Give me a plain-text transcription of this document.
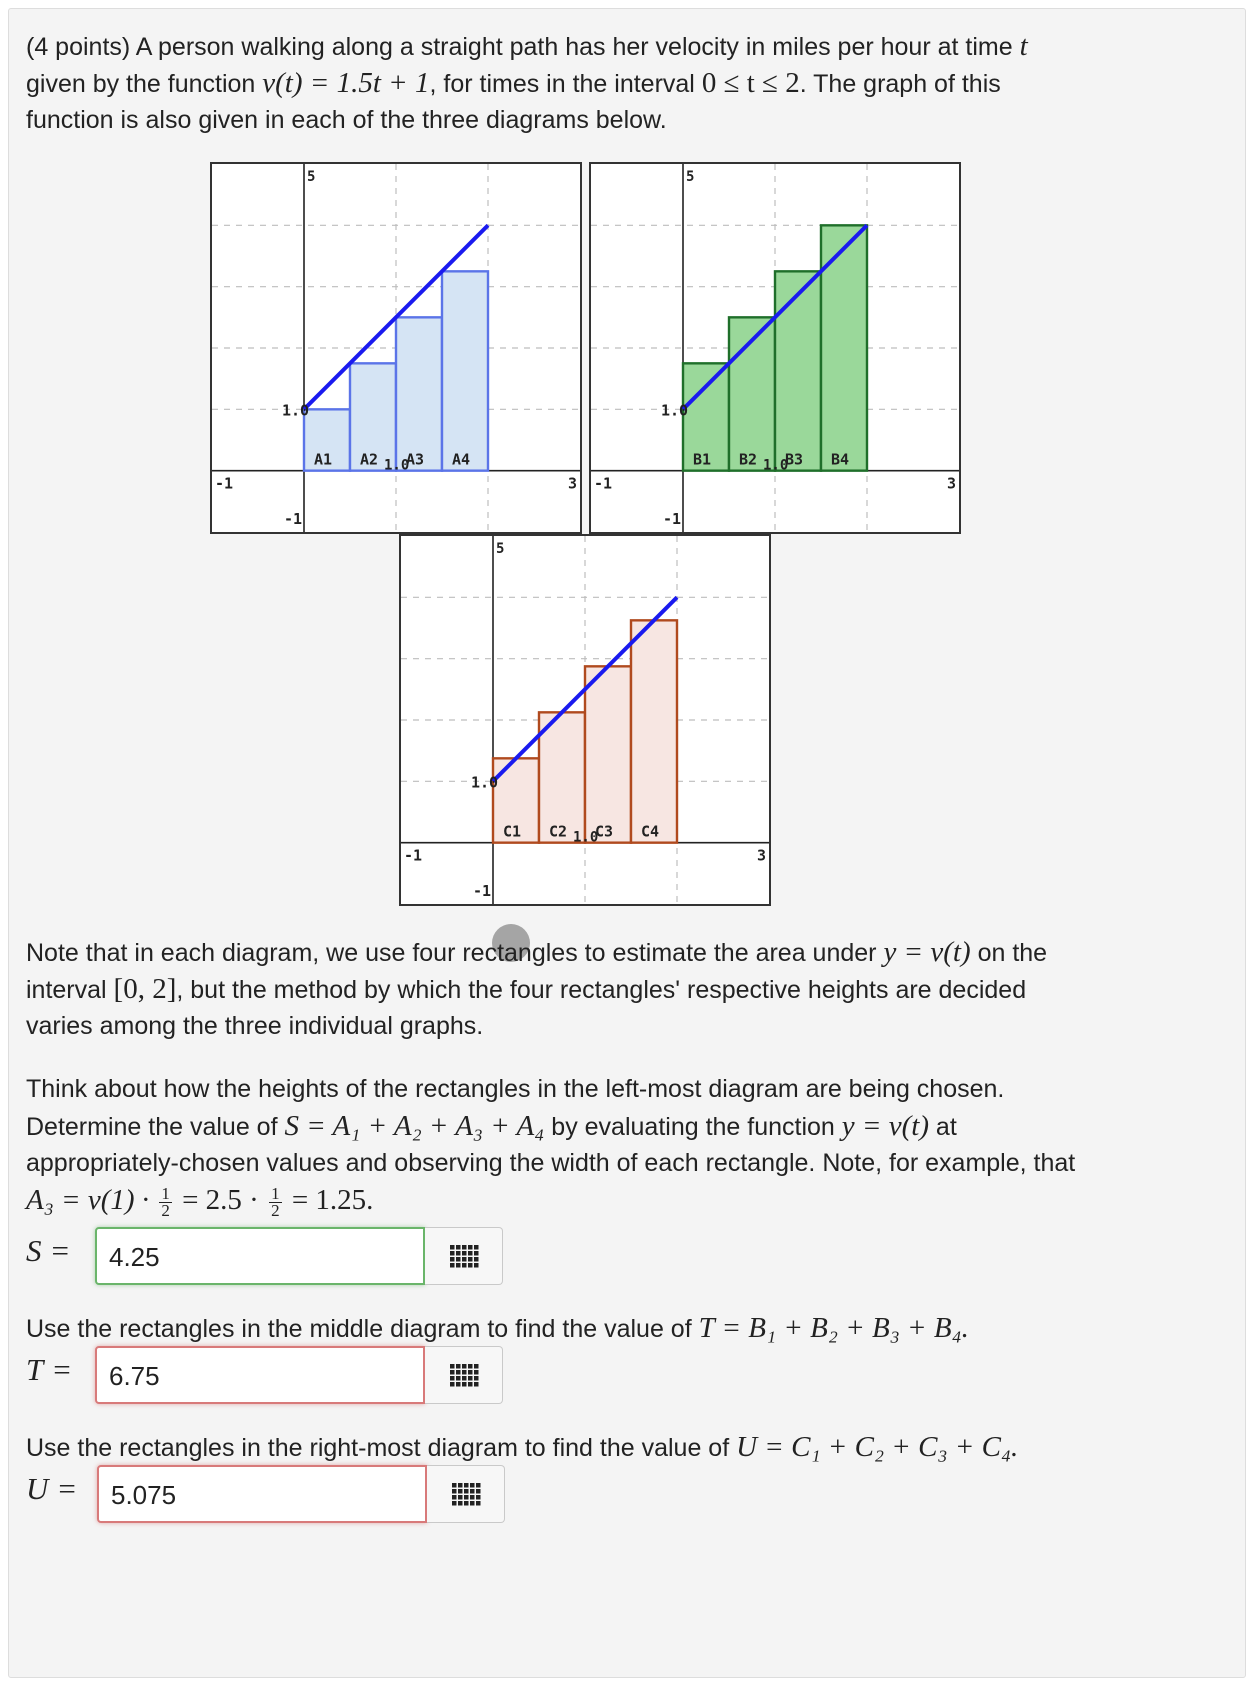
(4 points) A person walking along a straight path has her velocity in miles per hour at time t

given by the function v(t) = 1.5t + 1, for times in the interval 0 ≤ t ≤ 2. The graph of this

function is also given in each of the three diagrams below.

A1 A2 A3 A4
5
-1	3
-1
1.0
1.0	B1 B2 B3 B4
5
-1	3
-1
1.0
1.0
C1 C2 C3 C4
5
-1	3
-1
1.0
1.0

Note that in each diagram, we use four rectangles to estimate the area under y = v(t) on the

interval [0, 2], but the method by which the four rectangles' respective heights are decided

varies among the three individual graphs.

Think about how the heights of the rectangles in the left-most diagram are being chosen.

Determine the value of S = A₁ + A₂ + A₃ + A₄ by evaluating the function y = v(t) at

appropriately-chosen values and observing the width of each rectangle. Note, for example, that

$A_3 = v(1) \cdot \frac{1}{2} = 2.5 \cdot \frac{1}{2} = 1.25$.

S =	4.25

Use the rectangles in the middle diagram to find the value of T = B₁ + B₂ + B₃ + B₄.

T =	6.75

Use the rectangles in the right-most diagram to find the value of U = C₁ + C₂ + C₃ + C₄.

U =	5.075
